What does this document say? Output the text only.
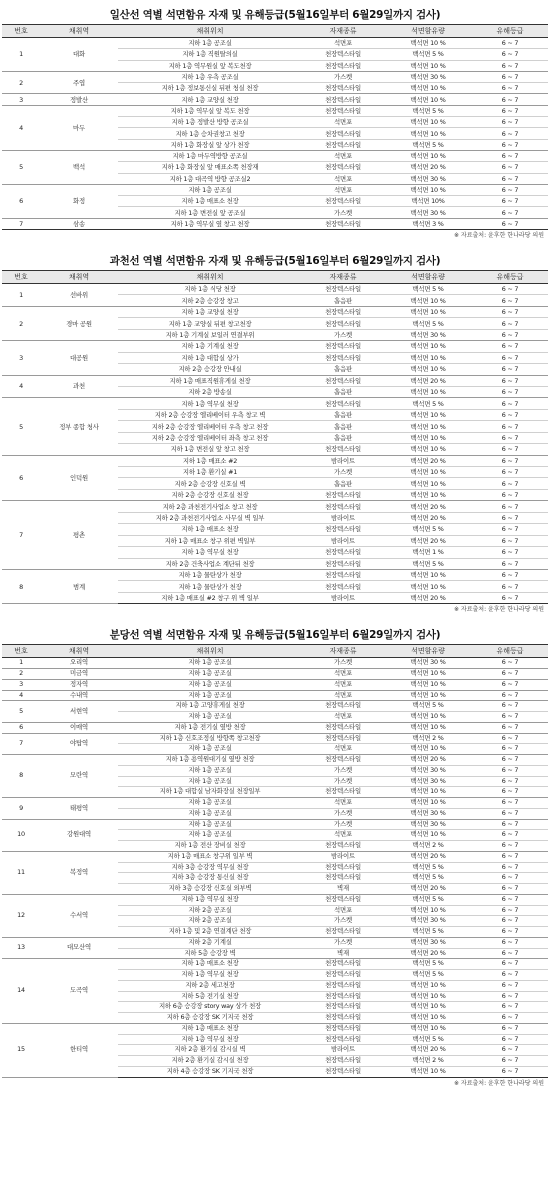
일산선 역별 석면함유 자재 및 유해등급(5월16일부터 6월29일까지 검사)
번호	채취역	채취위치	자재종류	석면함유량	유해등급
1	대화	지하 1층 공조실	석면포	백석면 10 %	6 ~ 7
		지하 1층 직원탈의실	천장텍스타일	백석면 5 %	6 ~ 7
		지하 1층 역무원실 앞 복도천장	천장텍스타일	백석면 10 %	6 ~ 7
2	주엽	지하 1층 우측 공조실	가스켓	백석면 30 %	6 ~ 7
		지하 1층 정보통신실 뒤편 청실 천장	천장텍스타일	백석면 10 %	6 ~ 7
3	정발산	지하 1층 교양실 천장	천장텍스타일	백석면 10 %	6 ~ 7
4	마두	지하 1층 역무실 앞 복도 천장	천장텍스타일	백석면 5 %	6 ~ 7
		지하 1층 정발산 방향 공조실	석면포	백석면 10 %	6 ~ 7
		지하 1층 승차권창고 천장	천장텍스타일	백석면 10 %	6 ~ 7
		지하 1층 화장실 앞 상가 천장	천장텍스타일	백석면 5 %	6 ~ 7
5	백석	지하 1층 마두역방향 공조실	석면포	백석면 10 %	6 ~ 7
		지하 1층 화장실 앞 매표소쪽 천장재	천장텍스타일	백석면 20 %	6 ~ 7
		지하 1층 대곡역 방향 공조실2	석면포	백석면 30 %	6 ~ 7
6	화정	지하 1층 공조실	석면포	백석면 10 %	6 ~ 7
		지하 1층 매표소 천장	천장텍스타일	백석면 10%	6 ~ 7
		지하 1층 변전실 앞 공조실	가스켓	백석면 30 %	6 ~ 7
7	삼송	지하 1층 역무실 옆 창고 천장	천장텍스타일	백석면 3 %	6 ~ 7
※ 자료출처: 윤후한 한나라당 의원
과천선 역별 석면함유 자재 및 유해등급(5월16일부터 6월29일까지 검사)
번호	채취역	채취위치	자재종류	석면함유량	유해등급
1	선바위	지하 1층 식당 천장	천장텍스타일	백석면 5 %	6 ~ 7
		지하 2층 승강장 창고	흡음판	백석면 10 %	6 ~ 7
2	경마 공원	지하 1층 교양실 천장	천장텍스타일	백석면 10 %	6 ~ 7
		지하 1층 교양실 뒤편 창고천장	천장텍스타일	백석면 5 %	6 ~ 7
		지하 1층 기계실 보일러 연결부위	가스켓	백석면 30 %	6 ~ 7
3	대공원	지하 1층 기계실 천장	천장텍스타일	백석면 10 %	6 ~ 7
		지하 1층 대합실 상가	천장텍스타일	백석면 10 %	6 ~ 7
		지하 2층 승강장 안내실	흡음판	백석면 10 %	6 ~ 7
4	과천	지하 1층 매표직원휴게실 천장	천장텍스타일	백석면 20 %	6 ~ 7
		지하 2층 방송실	흡음판	백석면 10 %	6 ~ 7
5	정부 종합 청사	지하 1층 역무실 천장	천장텍스타일	백석면 5 %	6 ~ 7
		지하 2층 승강장 엘리베이터 우측 창고 벽	흡음판	백석면 10 %	6 ~ 7
		지하 2층 승강장 엘리베이터 우측 창고 천장	흡음판	백석면 10 %	6 ~ 7
		지하 2층 승강장 엘리베이터 좌측 창고 천장	흡음판	백석면 10 %	6 ~ 7
		지하 1층 변전실 앞 창고 천장	천장텍스타일	백석면 10 %	6 ~ 7
6	인덕원	지하 1층 매표소 #2	밤라이트	백석면 20 %	6 ~ 7
		지하 1층 환기실 #1	가스켓	백석면 10 %	6 ~ 7
		지하 2층 승강장 신호실 벽	흡음판	백석면 10 %	6 ~ 7
		지하 2층 승강장 신호실 천장	천장텍스타일	백석면 10 %	6 ~ 7
7	평촌	지하 2층 과천전기사업소 창고 천장	천장텍스타일	백석면 20 %	6 ~ 7
		지하 2층 과천전기사업소 사무실 벽 일부	밤라이트	백석면 20 %	6 ~ 7
		지하 1층 매표소 천장	천장텍스타일	백석면 5 %	6 ~ 7
		지하 1층 매표소 창구 위편 벽일부	밤라이트	백석면 20 %	6 ~ 7
		지하 1층 역무실 천장	천장텍스타일	백석면 1 %	6 ~ 7
		지하 2층 건축사업소 계단뒤 천장	천장텍스타일	백석면 5 %	6 ~ 7
8	범계	지하 1층 물탄상가 천장	천장텍스타일	백석면 10 %	6 ~ 7
		지하 1층 물탄상가 천장	천장텍스타일	백석면 10 %	6 ~ 7
		지하 1층 매표실 #2 창구 위 벽 일부	밤라이트	백석면 20 %	6 ~ 7
※ 자료출처: 윤후한 한나라당 의원
분당선 역별 석면함유 자재 및 유해등급(5월16일부터 6월29일까지 검사)
번호	채취역	채취위치	자재종류	석면함유량	유해등급
1	오리역	지하 1층 공조실	가스켓	백석면 30 %	6 ~ 7
2	미금역	지하 1층 공조실	석면포	백석면 10 %	6 ~ 7
3	정자역	지하 1층 공조실	석면포	백석면 10 %	6 ~ 7
4	수내역	지하 1층 공조실	석면포	백석면 10 %	6 ~ 7
5	서현역	지하 1층 고양휴게실 천장	천장텍스타일	백석면 5 %	6 ~ 7
		지하 1층 공조실	석면포	백석면 10 %	6 ~ 7
6	이매역	지하 1층 전기실 옆방 천장	천장텍스타일	백석면 10 %	6 ~ 7
7	야탑역	지하 1층 신호조정실 방향쪽 창고천장	천장텍스타일	백석면 2 %	6 ~ 7
		지하 1층 공조실	석면포	백석면 10 %	6 ~ 7
8	모란역	지하 1층 용역원대기실 옆방 천장	천장텍스타일	백석면 20 %	6 ~ 7
		지하 1층 공조실	가스켓	백석면 30 %	6 ~ 7
		지하 1층 공조실	가스켓	백석면 30 %	6 ~ 7
		지하 1층 대합실 남자화장실 천장일부	천장텍스타일	백석면 10 %	6 ~ 7
9	태평역	지하 1층 공조실	석면포	백석면 10 %	6 ~ 7
		지하 1층 공조실	가스켓	백석면 30 %	6 ~ 7
10	강원대역	지하 1층 공조실	가스켓	백석면 30 %	6 ~ 7
		지하 1층 공조실	석면포	백석면 10 %	6 ~ 7
		지하 1층 전산 장비실 천장	천장텍스타일	백석면 2 %	6 ~ 7
11	복정역	지하 1층 매표소 창구위 일부 벽	밤라이트	백석면 20 %	6 ~ 7
		지하 3층 승강장 역무실 천장	천장텍스타일	백석면 5 %	6 ~ 7
		지하 3층 승강장 통신실 천장	천장텍스타일	백석면 5 %	6 ~ 7
		지하 3층 승강장 신호실 외부벽	벽재	백석면 20 %	6 ~ 7
12	수서역	지하 1층 역무실 천장	천장텍스타일	백석면 5 %	6 ~ 7
		지하 2층 공조실	석면포	백석면 10 %	6 ~ 7
		지하 2층 공조실	가스켓	백석면 30 %	6 ~ 7
		지하 1층 및 2층 연결계단 천장	천장텍스타일	백석면 5 %	6 ~ 7
13	대모산역	지하 2층 기계실	가스켓	백석면 30 %	6 ~ 7
		지하 5층 승강장 벽	벽재	백석면 20 %	6 ~ 7
14	도곡역	지하 1층 매표소 천장	천장텍스타일	백석면 5 %	6 ~ 7
		지하 1층 역무실 천장	천장텍스타일	백석면 5 %	6 ~ 7
		지하 2층 세고천장	천장텍스타일	백석면 10 %	6 ~ 7
		지하 5층 전기실 천장	천장텍스타일	백석면 10 %	6 ~ 7
		지하 6층 승강장 story way 상가 천장	천장텍스타일	백석면 10 %	6 ~ 7
		지하 6층 승강장 SK 기지국 천장	천장텍스타일	백석면 10 %	6 ~ 7
15	한티역	지하 1층 매표소 천장	천장텍스타일	백석면 10 %	6 ~ 7
		지하 1층 역무실 천장	천장텍스타일	백석면 5 %	6 ~ 7
		지하 2층 환기실 감시실 벽	밤라이트	백석면 20 %	6 ~ 7
		지하 2층 환기실 감시실 천장	천장텍스타일	백석면 2 %	6 ~ 7
		지하 4층 승강장 SK 기지국 천장	천장텍스타일	백석면 10 %	6 ~ 7
※ 자료출처: 윤후한 한나라당 의원
